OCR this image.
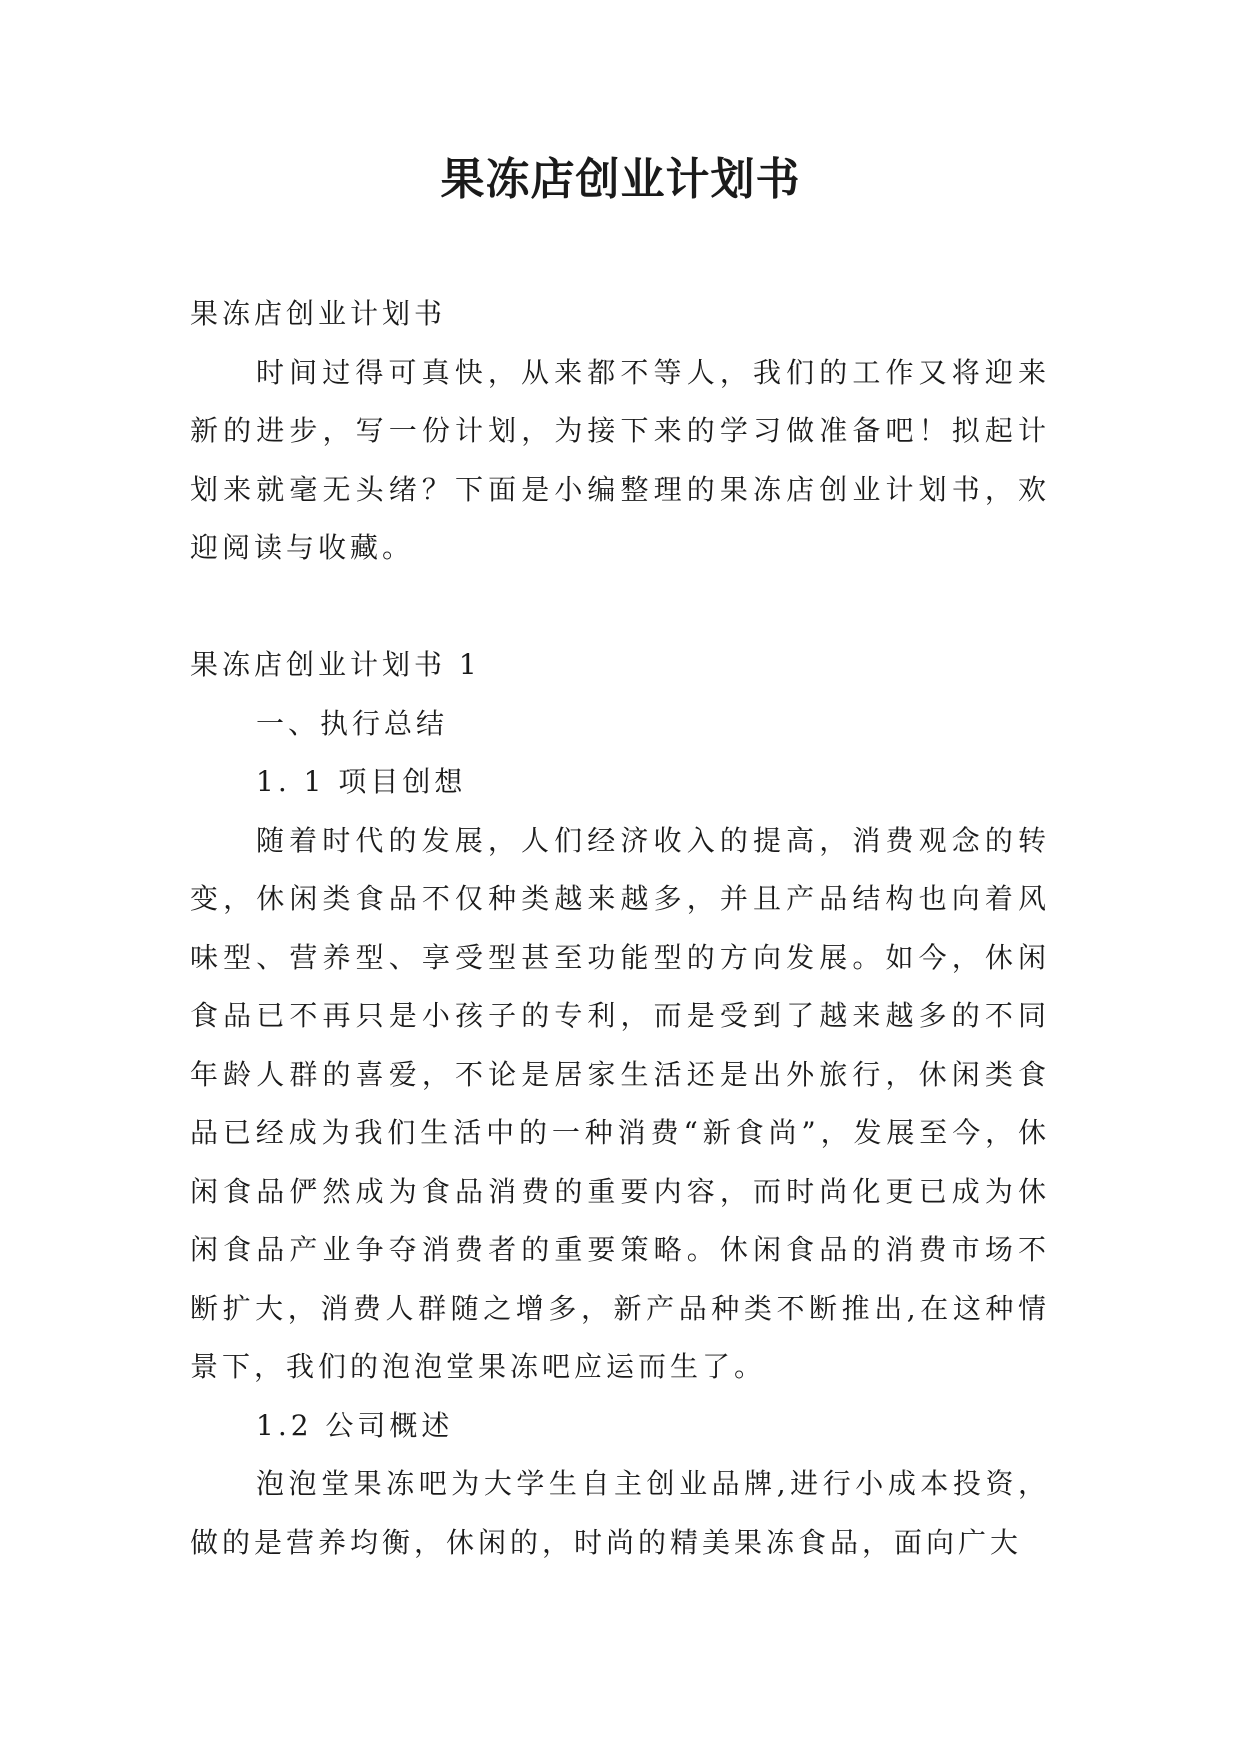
果冻店创业计划书

果冻店创业计划书

时间过得可真快，从来都不等人，我们的工作又将迎来新的进步，写一份计划，为接下来的学习做准备吧！拟起计划来就毫无头绪？下面是小编整理的果冻店创业计划书，欢迎阅读与收藏。

果冻店创业计划书 1

一、执行总结

1. 1 项目创想

随着时代的发展，人们经济收入的提高，消费观念的转变，休闲类食品不仅种类越来越多，并且产品结构也向着风味型、营养型、享受型甚至功能型的方向发展。如今，休闲食品已不再只是小孩子的专利，而是受到了越来越多的不同年龄人群的喜爱，不论是居家生活还是出外旅行，休闲类食品已经成为我们生活中的一种消费“新食尚”，发展至今，休闲食品俨然成为食品消费的重要内容，而时尚化更已成为休闲食品产业争夺消费者的重要策略。休闲食品的消费市场不断扩大，消费人群随之增多，新产品种类不断推出,在这种情景下，我们的泡泡堂果冻吧应运而生了。

1.2 公司概述

泡泡堂果冻吧为大学生自主创业品牌,进行小成本投资，做的是营养均衡，休闲的，时尚的精美果冻食品，面向广大
